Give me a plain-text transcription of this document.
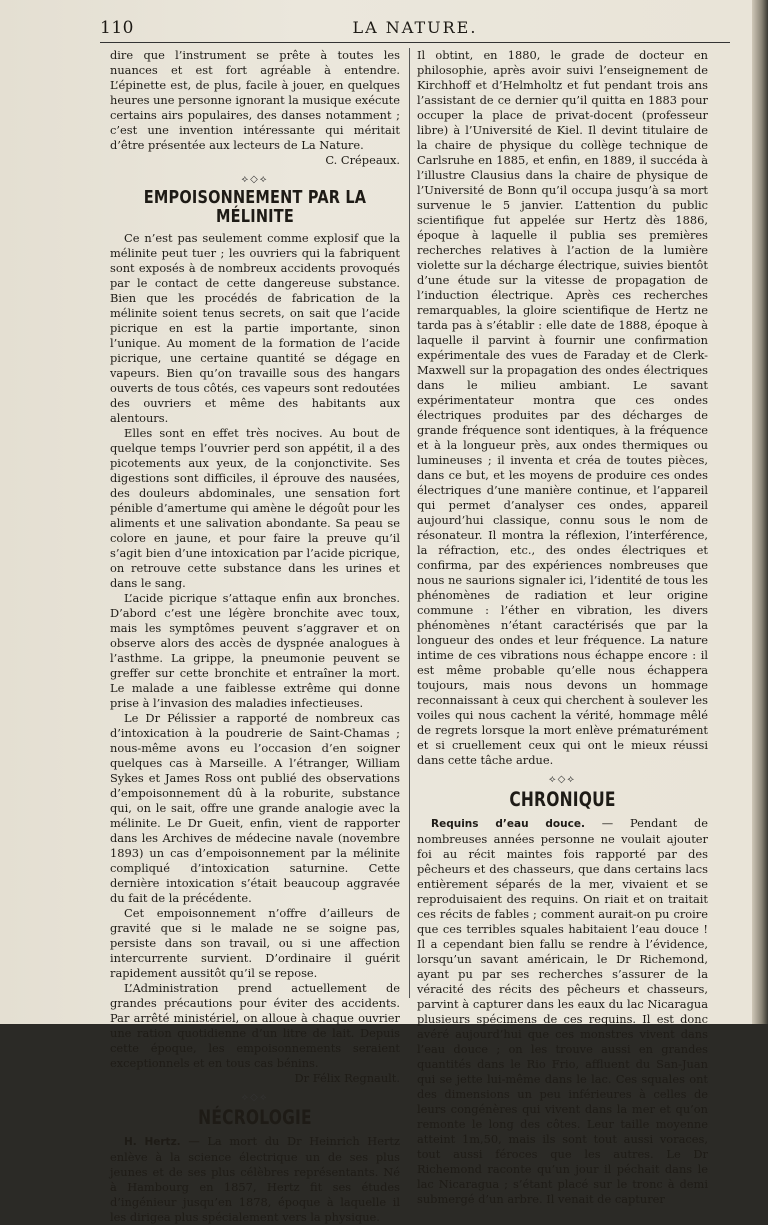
110	LA NATURE.

dire que l’instrument se prête à toutes les nuances et est fort agréable à entendre. L’épinette est, de plus, facile à jouer, en quelques heures une personne ignorant la musique exécute certains airs populaires, des danses notamment ; c’est une invention intéressante qui méritait d’être présentée aux lecteurs de La Nature.

C. Crépeaux.
⟡◇⟡
EMPOISONNEMENT PAR LA MÉLINITE

Ce n’est pas seulement comme explosif que la mélinite peut tuer ; les ouvriers qui la fabriquent sont exposés à de nombreux accidents provoqués par le contact de cette dangereuse substance. Bien que les procédés de fabrication de la mélinite soient tenus secrets, on sait que l’acide picrique en est la partie importante, sinon l’unique. Au moment de la formation de l’acide picrique, une certaine quantité se dégage en vapeurs. Bien qu’on travaille sous des hangars ouverts de tous côtés, ces vapeurs sont redoutées des ouvriers et même des habitants aux alentours.

Elles sont en effet très nocives. Au bout de quelque temps l’ouvrier perd son appétit, il a des picotements aux yeux, de la conjonctivite. Ses digestions sont difficiles, il éprouve des nausées, des douleurs abdominales, une sensation fort pénible d’amertume qui amène le dégoût pour les aliments et une salivation abondante. Sa peau se colore en jaune, et pour faire la preuve qu’il s’agit bien d’une intoxication par l’acide picrique, on retrouve cette substance dans les urines et dans le sang.

L’acide picrique s’attaque enfin aux bronches. D’abord c’est une légère bronchite avec toux, mais les symptômes peuvent s’aggraver et on observe alors des accès de dyspnée analogues à l’asthme. La grippe, la pneumonie peuvent se greffer sur cette bronchite et entraîner la mort. Le malade a une faiblesse extrême qui donne prise à l’invasion des maladies infectieuses.

Le Dr Pélissier a rapporté de nombreux cas d’intoxication à la poudrerie de Saint-Chamas ; nous-même avons eu l’occasion d’en soigner quelques cas à Marseille. A l’étranger, William Sykes et James Ross ont publié des observations d’empoisonnement dû à la roburite, substance qui, on le sait, offre une grande analogie avec la mélinite. Le Dr Gueit, enfin, vient de rapporter dans les Archives de médecine navale (novembre 1893) un cas d’empoisonnement par la mélinite compliqué d’intoxication saturnine. Cette dernière intoxication s’était beaucoup aggravée du fait de la précédente.

Cet empoisonnement n’offre d’ailleurs de gravité que si le malade ne se soigne pas, persiste dans son travail, ou si une affection intercurrente survient. D’ordinaire il guérit rapidement aussitôt qu’il se repose.

L’Administration prend actuellement de grandes précautions pour éviter des accidents. Par arrêté ministériel, on alloue à chaque ouvrier une ration quotidienne d’un litre de lait. Depuis cette époque, les empoisonnements seraient exceptionnels et en tous cas bénins.

Dr Félix Regnault.
⟡◇⟡
NÉCROLOGIE

H. Hertz. — La mort du Dr Heinrich Hertz enlève à la science électrique un de ses plus jeunes et de ses plus célèbres représentants. Né à Hambourg en 1857, Hertz fit ses études d’ingénieur jusqu’en 1878, époque à laquelle il les dirigea plus spécialement vers la physique.

Il obtint, en 1880, le grade de docteur en philosophie, après avoir suivi l’enseignement de Kirchhoff et d’Helmholtz et fut pendant trois ans l’assistant de ce dernier qu’il quitta en 1883 pour occuper la place de privat-docent (professeur libre) à l’Université de Kiel. Il devint titulaire de la chaire de physique du collège technique de Carlsruhe en 1885, et enfin, en 1889, il succéda à l’illustre Clausius dans la chaire de physique de l’Université de Bonn qu’il occupa jusqu’à sa mort survenue le 5 janvier. L’attention du public scientifique fut appelée sur Hertz dès 1886, époque à laquelle il publia ses premières recherches relatives à l’action de la lumière violette sur la décharge électrique, suivies bientôt d’une étude sur la vitesse de propagation de l’induction électrique. Après ces recherches remarquables, la gloire scientifique de Hertz ne tarda pas à s’établir : elle date de 1888, époque à laquelle il parvint à fournir une confirmation expérimentale des vues de Faraday et de Clerk-Maxwell sur la propagation des ondes électriques dans le milieu ambiant. Le savant expérimentateur montra que ces ondes électriques produites par des décharges de grande fréquence sont identiques, à la fréquence et à la longueur près, aux ondes thermiques ou lumineuses ; il inventa et créa de toutes pièces, dans ce but, et les moyens de produire ces ondes électriques d’une manière continue, et l’appareil qui permet d’analyser ces ondes, appareil aujourd’hui classique, connu sous le nom de résonateur. Il montra la réflexion, l’interférence, la réfraction, etc., des ondes électriques et confirma, par des expériences nombreuses que nous ne saurions signaler ici, l’identité de tous les phénomènes de radiation et leur origine commune : l’éther en vibration, les divers phénomènes n’étant caractérisés que par la longueur des ondes et leur fréquence. La nature intime de ces vibrations nous échappe encore : il est même probable qu’elle nous échappera toujours, mais nous devons un hommage reconnaissant à ceux qui cherchent à soulever les voiles qui nous cachent la vérité, hommage mêlé de regrets lorsque la mort enlève prématurément et si cruellement ceux qui ont le mieux réussi dans cette tâche ardue.

⟡◇⟡
CHRONIQUE

Requins d’eau douce. — Pendant de nombreuses années personne ne voulait ajouter foi au récit maintes fois rapporté par des pêcheurs et des chasseurs, que dans certains lacs entièrement séparés de la mer, vivaient et se reproduisaient des requins. On riait et on traitait ces récits de fables ; comment aurait-on pu croire que ces terribles squales habitaient l’eau douce ! Il a cependant bien fallu se rendre à l’évidence, lorsqu’un savant américain, le Dr Richemond, ayant pu par ses recherches s’assurer de la véracité des récits des pêcheurs et chasseurs, parvint à capturer dans les eaux du lac Nicaragua plusieurs spécimens de ces requins. Il est donc avéré aujourd’hui que ces monstres vivent dans l’eau douce ; on les trouve aussi en grandes quantités dans le Rio Frio, affluent du San-Juan qui se jette lui-même dans le lac. Ces squales ont des dimensions un peu inférieures à celles de leurs congénères qui vivent dans la mer et qu’on remonte le long des côtes. Leur taille moyenne atteint 1m,50, mais ils sont tout aussi voraces, tout aussi féroces que les autres. Le Dr Richemond raconte qu’un jour il péchait dans le lac Nicaragua ; s’étant placé sur le tronc à demi submergé d’un arbre. Il venait de capturer
